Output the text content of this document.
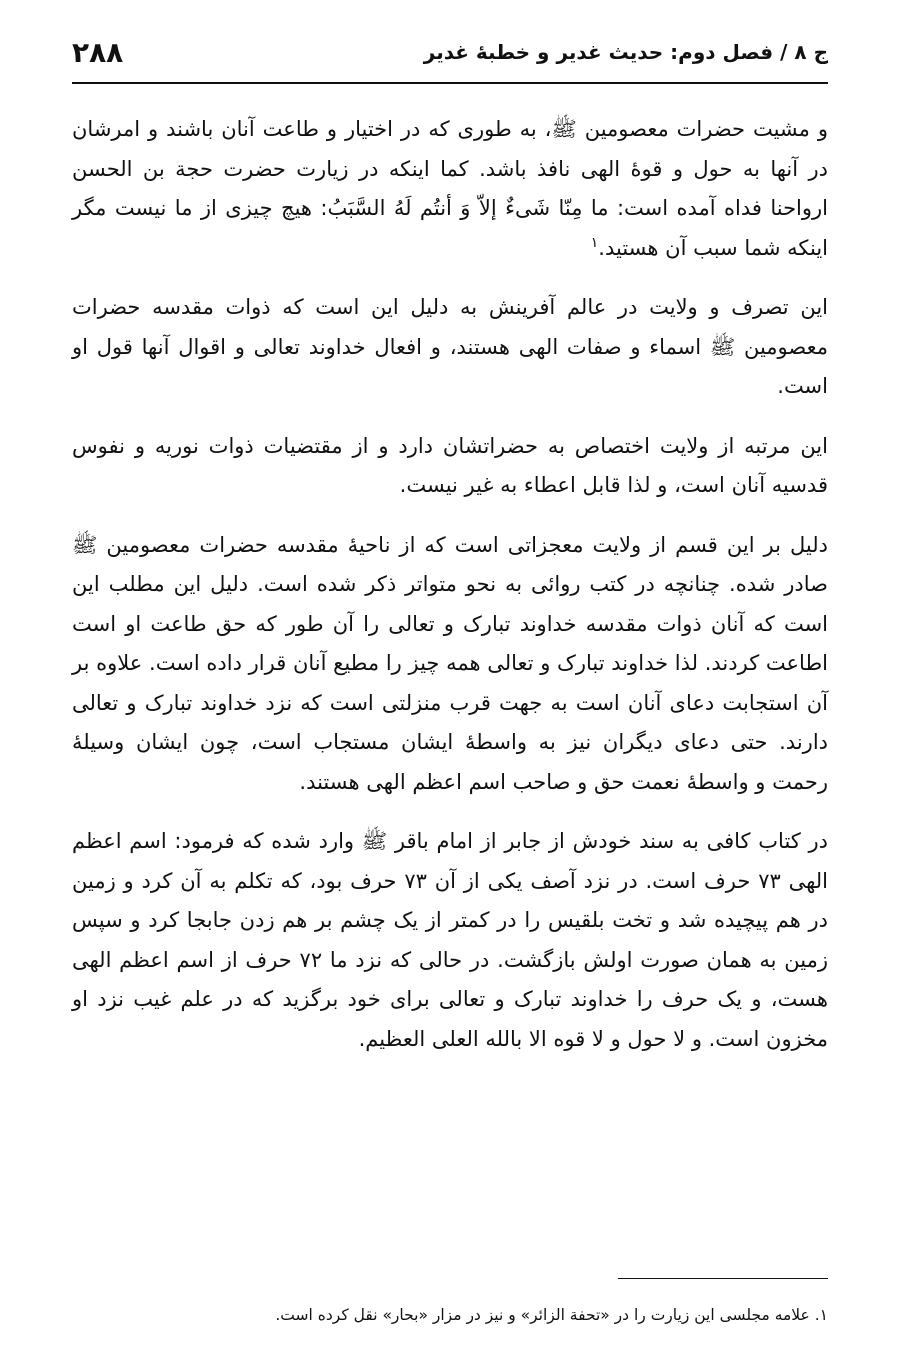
ج ۸ / فصل دوم: حدیث غدیر و خطبهٔ غدیر
۲۸۸

و مشیت حضرات معصومین ﷺ، به طوری که در اختیار و طاعت آنان باشند و امرشان در آنها به حول و قوهٔ الهی نافذ باشد. کما اینکه در زیارت حضرت حجة بن الحسن ارواحنا فداه آمده است: ما مِنّا شَیءٌ إلاّ وَ أنتُم لَهُ السَّبَبُ: هیچ چیزی از ما نیست مگر اینکه شما سبب آن هستید.$^۱$

این تصرف و ولایت در عالم آفرینش به دلیل این است که ذوات مقدسه حضرات معصومین ﷺ اسماء و صفات الهی هستند، و افعال خداوند تعالی و اقوال آنها قول او است.

این مرتبه از ولایت اختصاص به حضراتشان دارد و از مقتضیات ذوات نوریه و نفوس قدسیه آنان است، و لذا قابل اعطاء به غیر نیست.

دلیل بر این قسم از ولایت معجزاتی است که از ناحیهٔ مقدسه حضرات معصومین ﷺ صادر شده. چنانچه در کتب روائی به نحو متواتر ذکر شده است. دلیل این مطلب این است که آنان ذوات مقدسه خداوند تبارک و تعالی را آن طور که حق طاعت او است اطاعت کردند. لذا خداوند تبارک و تعالی همه چیز را مطیع آنان قرار داده است. علاوه بر آن استجابت دعای آنان است به جهت قرب منزلتی است که نزد خداوند تبارک و تعالی دارند. حتی دعای دیگران نیز به واسطهٔ ایشان مستجاب است، چون ایشان وسیلهٔ رحمت و واسطهٔ نعمت حق و صاحب اسم اعظم الهی هستند.

در کتاب کافی به سند خودش از جابر از امام باقر ﷺ وارد شده که فرمود: اسم اعظم الهی ۷۳ حرف است. در نزد آصف یکی از آن ۷۳ حرف بود، که تکلم به آن کرد و زمین در هم پیچیده شد و تخت بلقیس را در کمتر از یک چشم بر هم زدن جابجا کرد و سپس زمین به همان صورت اولش بازگشت. در حالی که نزد ما ۷۲ حرف از اسم اعظم الهی هست، و یک حرف را خداوند تبارک و تعالی برای خود برگزید که در علم غیب نزد او مخزون است. و لا حول و لا قوه الا بالله العلی العظیم.

۱. علامه مجلسی این زیارت را در «تحفة الزائر» و نیز در مزار «بحار» نقل کرده است.
